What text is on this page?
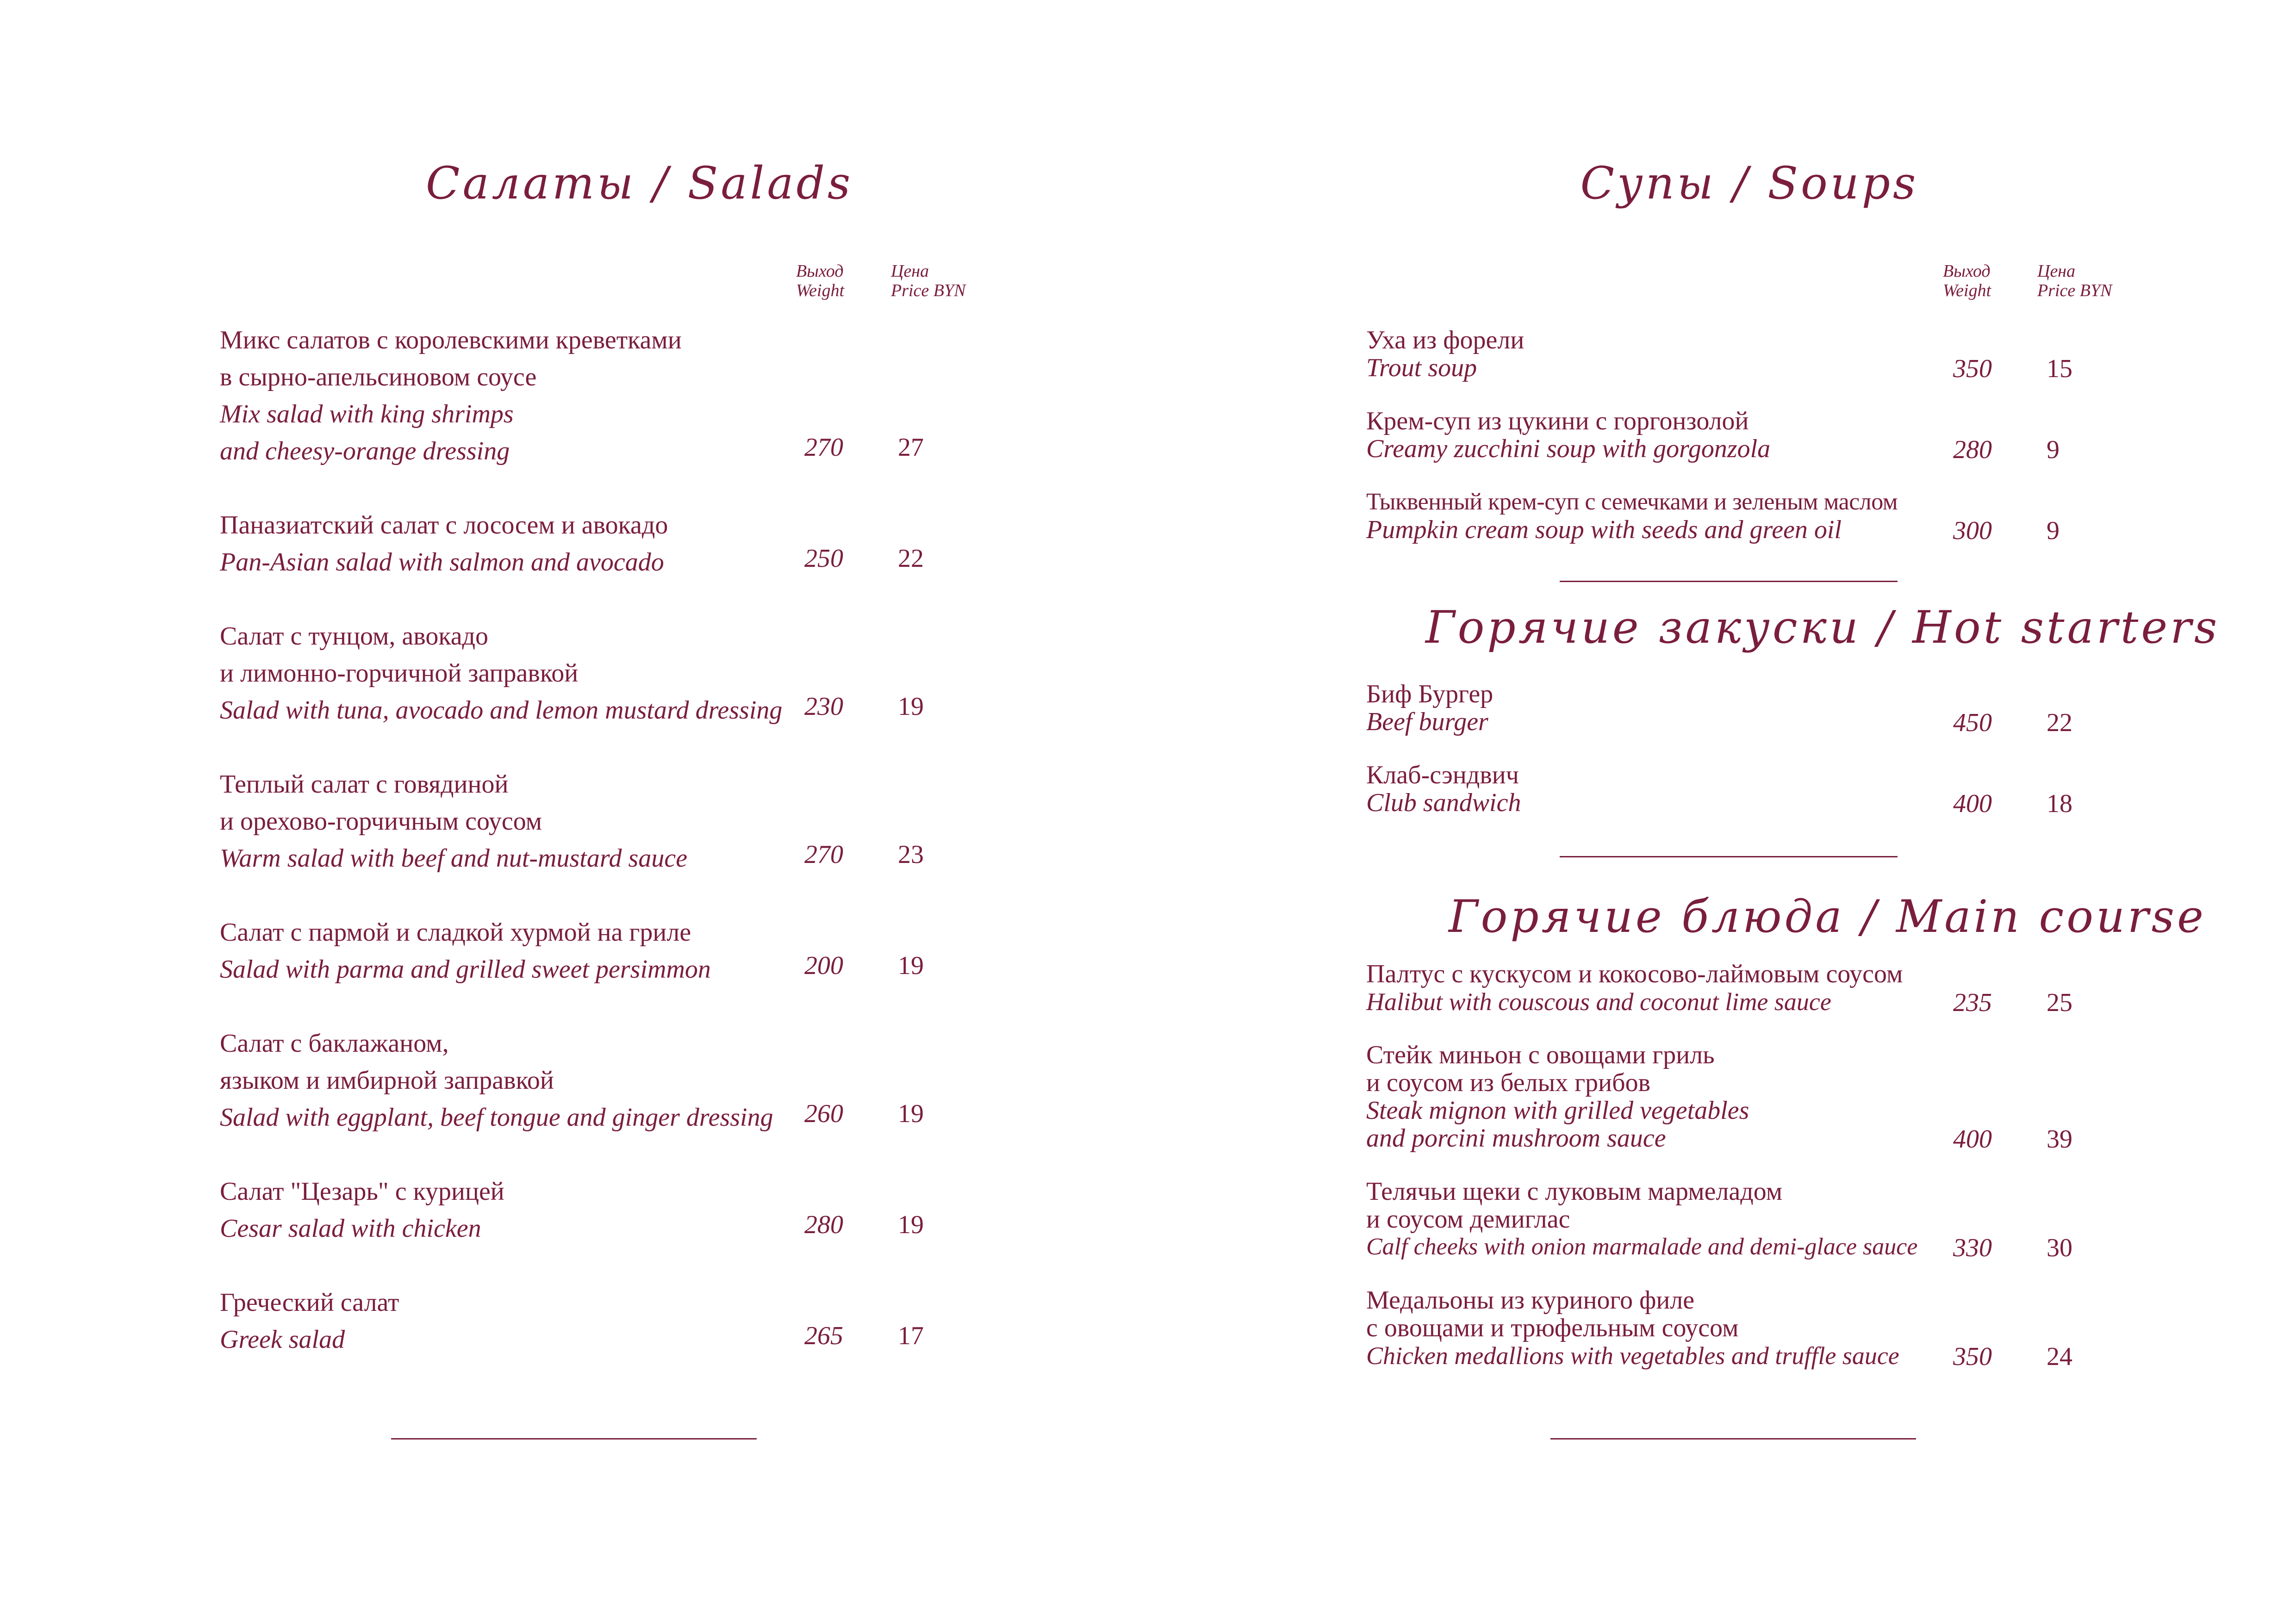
Салаты / Salads
Выход
Weight
Цена
Price BYN
Микс салатов с королевскими креветками
в сырно-апельсиновом соусе
Mix salad with king shrimps
and cheesy-orange dressing	270	27
Паназиатский салат с лососем и авокадо
Pan-Asian salad with salmon and avocado	250	22
Салат с тунцом, авокадо
и лимонно-горчичной заправкой
Salad with tuna, avocado and lemon mustard dressing 230	19
Теплый салат с говядиной
и орехово-горчичным соусом
Warm salad with beef and nut-mustard sauce	270	23
Салат с пармой и сладкой хурмой на гриле
Salad with parma and grilled sweet persimmon	200	19
Салат с баклажаном,
языком и имбирной заправкой
Salad with eggplant, beef tongue and ginger dressing	260	19
Салат "Цезарь" с курицей
Cesar salad with chicken	280	19
Греческий салат
Greek salad	265	17
Супы / Soups
Выход
Weight
Цена
Price BYN
Уха из форели
Trout soup	350	15
Крем-суп из цукини с горгонзолой
Creamy zucchini soup with gorgonzola	280	9
Тыквенный крем-суп с семечками и зеленым маслом
Pumpkin cream soup with seeds and green oil	300	9
Горячие закуски / Hot starters
Биф Бургер
Beef burger	450	22
Клаб-сэндвич
Club sandwich	400	18
Горячие блюда / Main course
Палтус с кускусом и кокосово-лаймовым соусом
Halibut with couscous and coconut lime sauce	235	25
Стейк миньон с овощами гриль
и соусом из белых грибов
Steak mignon with grilled vegetables
and porcini mushroom sauce	400	39
Телячьи щеки с луковым мармеладом
и соусом демиглас
Calf cheeks with onion marmalade and demi-glace sauce	330	30
Медальоны из куриного филе
с овощами и трюфельным соусом
Chicken medallions with vegetables and truffle sauce	350	24
